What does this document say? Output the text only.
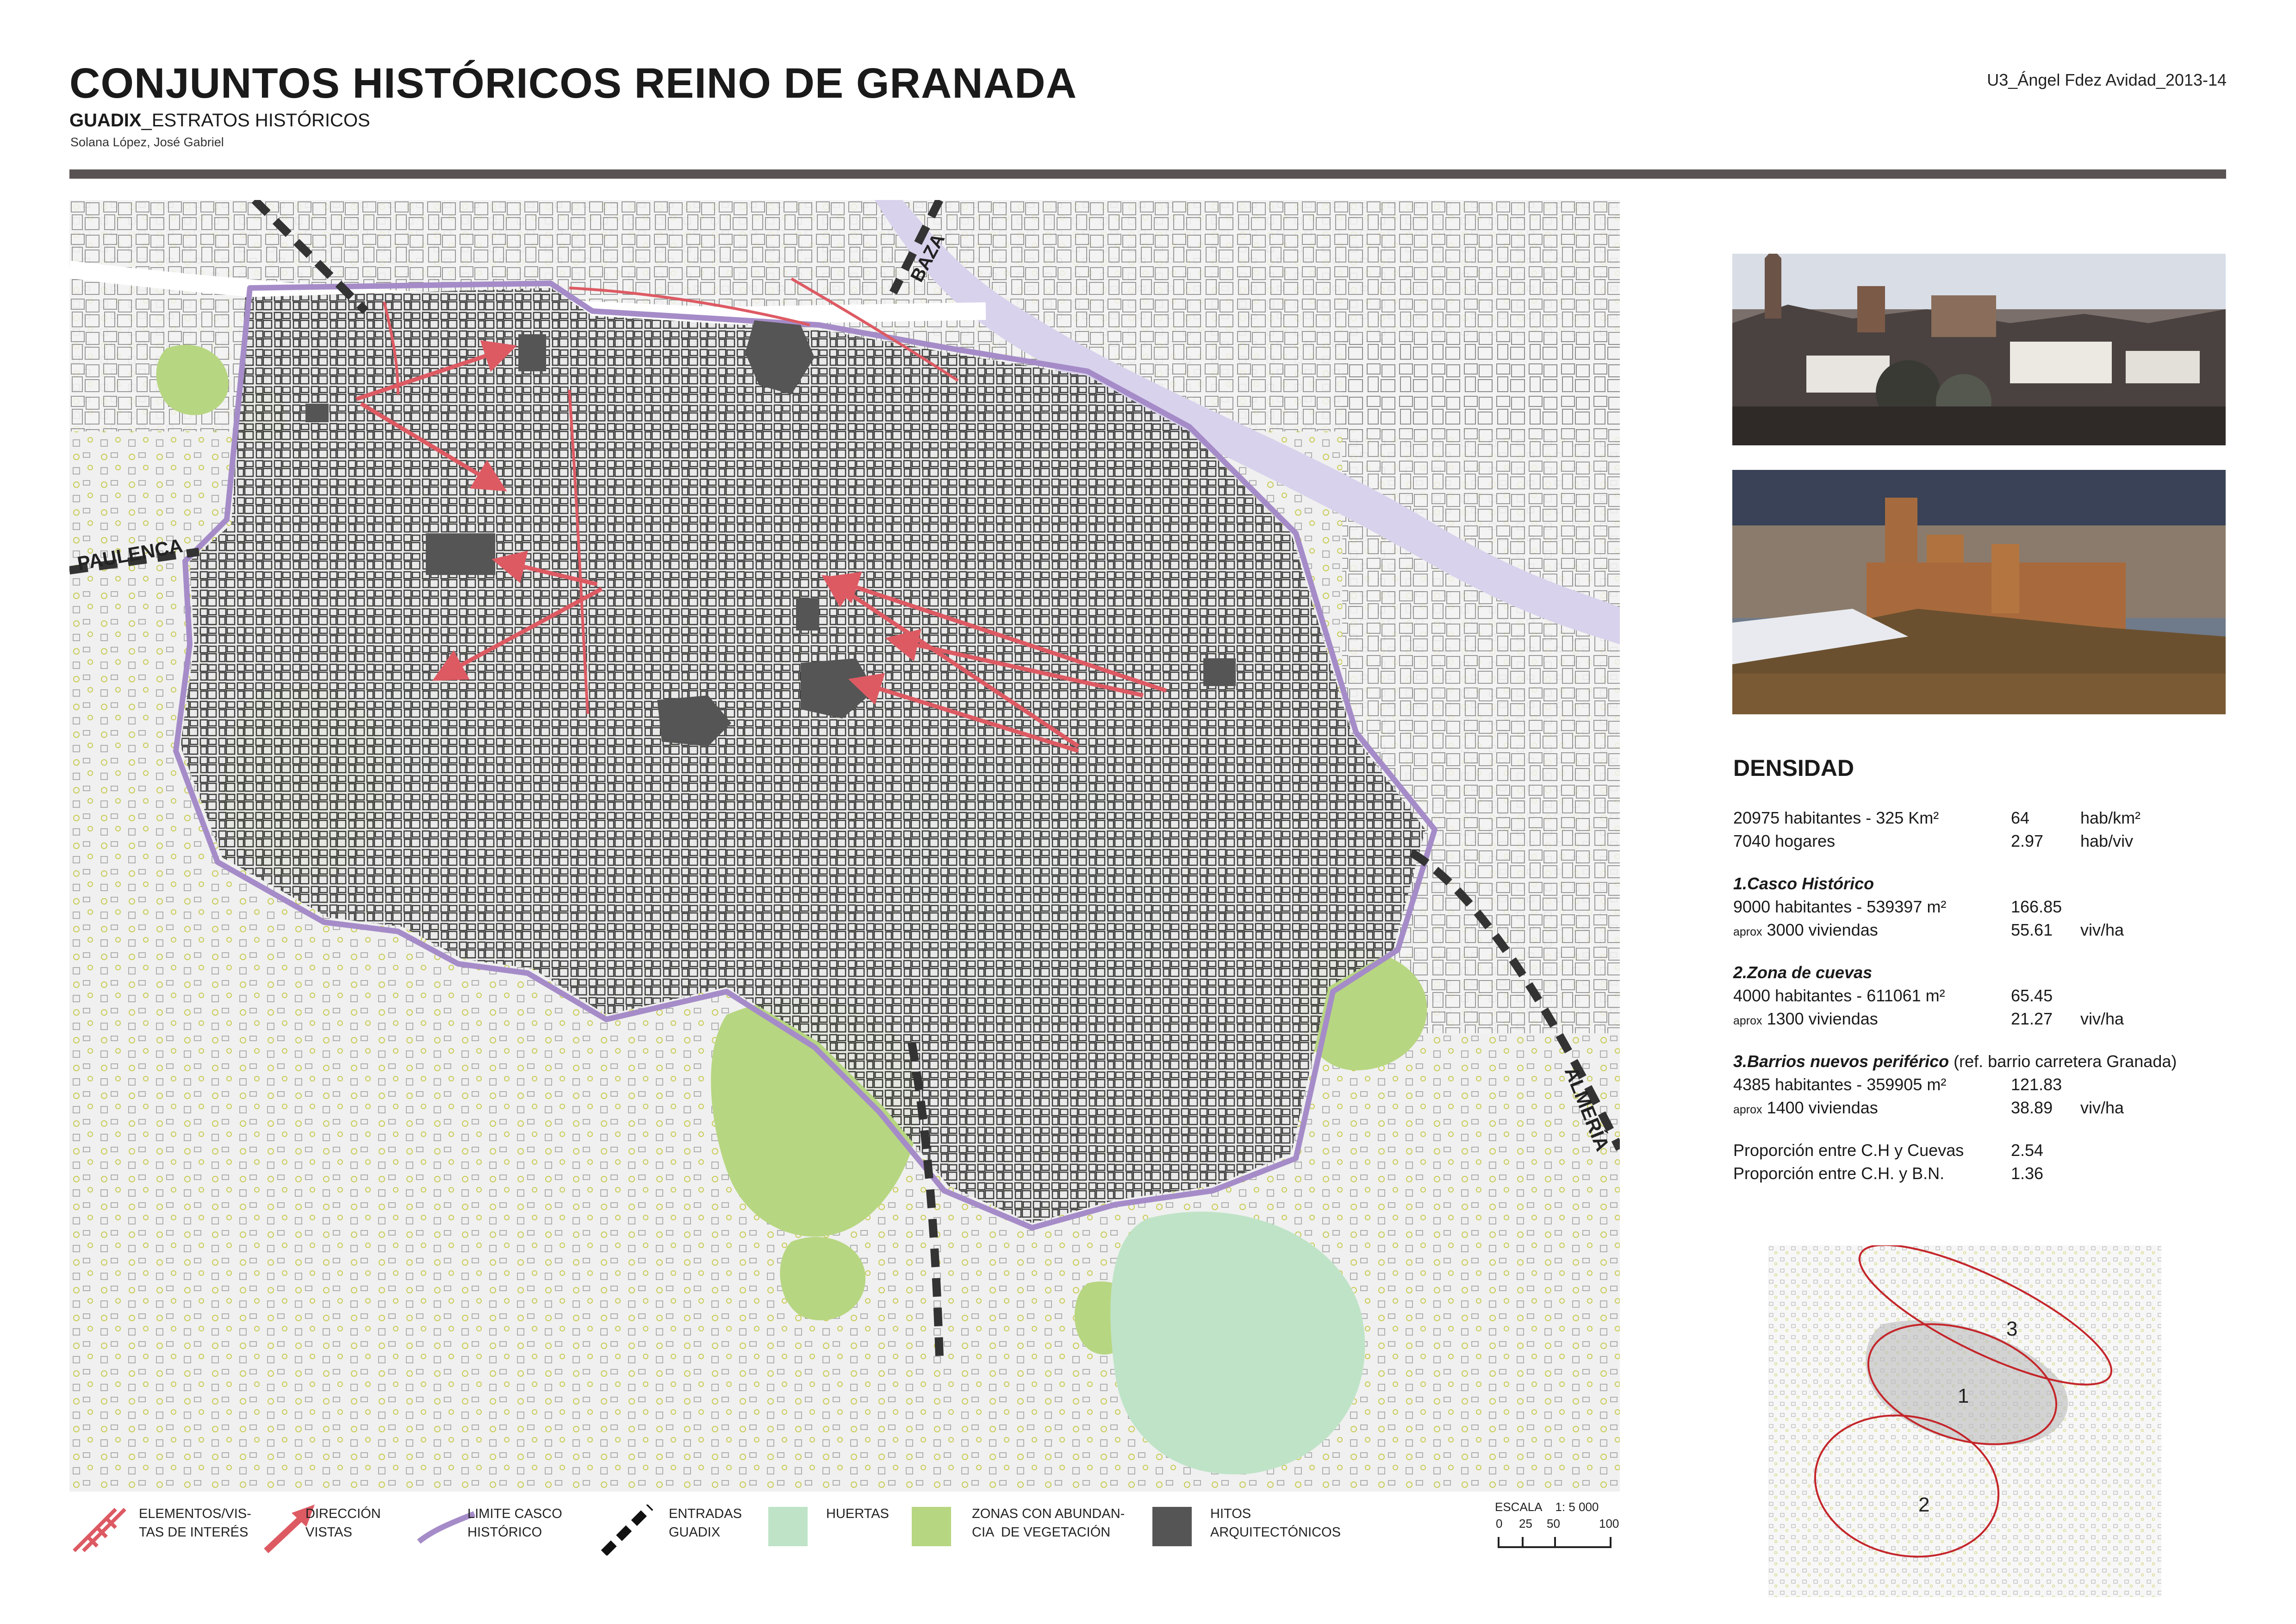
CONJUNTOS HISTÓRICOS REINO DE GRANADA
GUADIX_ESTRATOS HISTÓRICOS
Solana López, José Gabriel
U3_Ángel Fdez Avidad_2013-14
BAZA
PAULENCA
ALMERÍA
DENSIDAD
20975 habitantes - 325 Km²	64	hab/km²
7040 hogares	2.97 hab/viv
1.Casco Histórico
9000 habitantes - 539397 m²	166.85
aprox 3000 viviendas	55.61 viv/ha
2.Zona de cuevas
4000 habitantes - 611061 m²	65.45
aprox 1300 viviendas	21.27 viv/ha
3.Barrios nuevos periférico (ref. barrio carretera Granada)
4385 habitantes - 359905 m²	121.83
aprox 1400 viviendas	38.89 viv/ha
Proporción entre C.H y Cuevas	2.54
Proporción entre C.H. y B.N.	1.36
3
1
2
ELEMENTOS/VIS-
TAS DE INTERÉS
DIRECCIÓN
VISTAS
LIMITE CASCO
HISTÓRICO
ENTRADAS
GUADIX
HUERTAS	ZONAS CON ABUNDAN-
CIA  DE VEGETACIÓN
HITOS
ARQUITECTÓNICOS
ESCALA 1: 5 000
0 25 50	100
